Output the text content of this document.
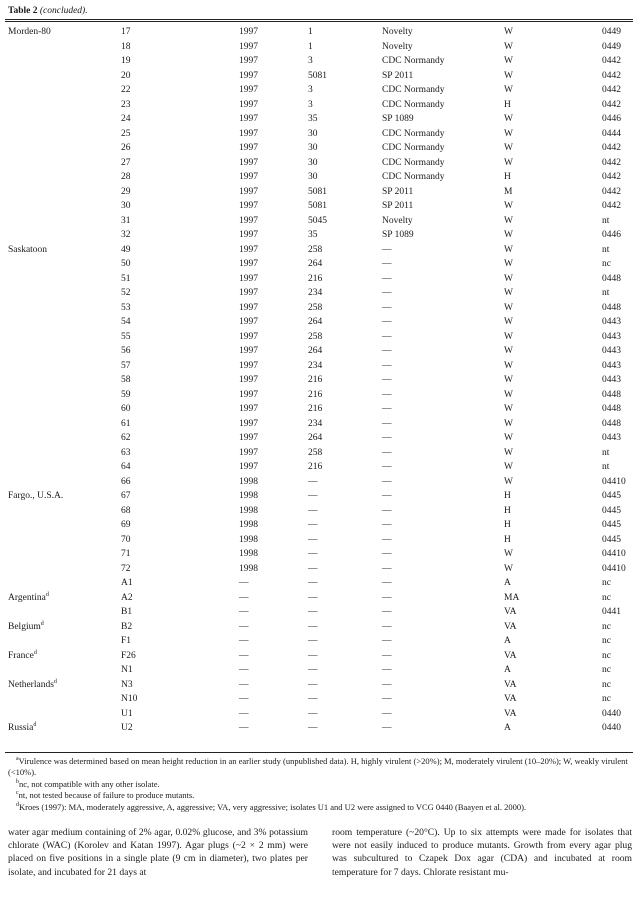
Table 2 (concluded).
Morden-80	17	1997	1	Novelty	W	0449
	18	1997	1	Novelty	W	0449
	19	1997	3	CDC Normandy	W	0442
	20	1997	5081	SP 2011	W	0442
	22	1997	3	CDC Normandy	W	0442
	23	1997	3	CDC Normandy	H	0442
	24	1997	35	SP 1089	W	0446
	25	1997	30	CDC Normandy	W	0444
	26	1997	30	CDC Normandy	W	0442
	27	1997	30	CDC Normandy	W	0442
	28	1997	30	CDC Normandy	H	0442
	29	1997	5081	SP 2011	M	0442
	30	1997	5081	SP 2011	W	0442
	31	1997	5045	Novelty	W	nt
	32	1997	35	SP 1089	W	0446
Saskatoon	49	1997	258	—	W	nt
	50	1997	264	—	W	nc
	51	1997	216	—	W	0448
	52	1997	234	—	W	nt
	53	1997	258	—	W	0448
	54	1997	264	—	W	0443
	55	1997	258	—	W	0443
	56	1997	264	—	W	0443
	57	1997	234	—	W	0443
	58	1997	216	—	W	0443
	59	1997	216	—	W	0448
	60	1997	216	—	W	0448
	61	1997	234	—	W	0448
	62	1997	264	—	W	0443
	63	1997	258	—	W	nt
	64	1997	216	—	W	nt
	66	1998	—	—	W	04410
Fargo., U.S.A.	67	1998	—	—	H	0445
	68	1998	—	—	H	0445
	69	1998	—	—	H	0445
	70	1998	—	—	H	0445
	71	1998	—	—	W	04410
	72	1998	—	—	W	04410
	A1	—	—	—	A	nc
Argentina$^d$	A2	—	—	—	MA	nc
	B1	—	—	—	VA	0441
Belgium$^d$	B2	—	—	—	VA	nc
	F1	—	—	—	A	nc
France$^d$	F26	—	—	—	VA	nc
	N1	—	—	—	A	nc
Netherlands$^d$	N3	—	—	—	VA	nc
	N10	—	—	—	VA	nc
	U1	—	—	—	VA	0440
Russia$^d$	U2	—	—	—	A	0440

$^a$Virulence was determined based on mean height reduction in an earlier study (unpublished data). H, highly virulent (>20%); M, moderately virulent (10–20%); W, weakly virulent (<10%).

$^b$nc, not compatible with any other isolate.

$^c$nt, not tested because of failure to produce mutants.

$^d$Kroes (1997): MA, moderately aggressive, A, aggressive; VA, very aggressive; isolates U1 and U2 were assigned to VCG 0440 (Baayen et al. 2000).

water agar medium containing of 2% agar, 0.02% glucose, and 3% potassium chlorate (WAC) (Korolev and Katan 1997). Agar plugs (~2 × 2 mm) were placed on five positions in a single plate (9 cm in diameter), two plates per isolate, and incubated for 21 days at
room temperature (~20°C). Up to six attempts were made for isolates that were not easily induced to produce mutants. Growth from every agar plug was subcultured to Czapek Dox agar (CDA) and incubated at room temperature for 7 days. Chlorate resistant mu-
